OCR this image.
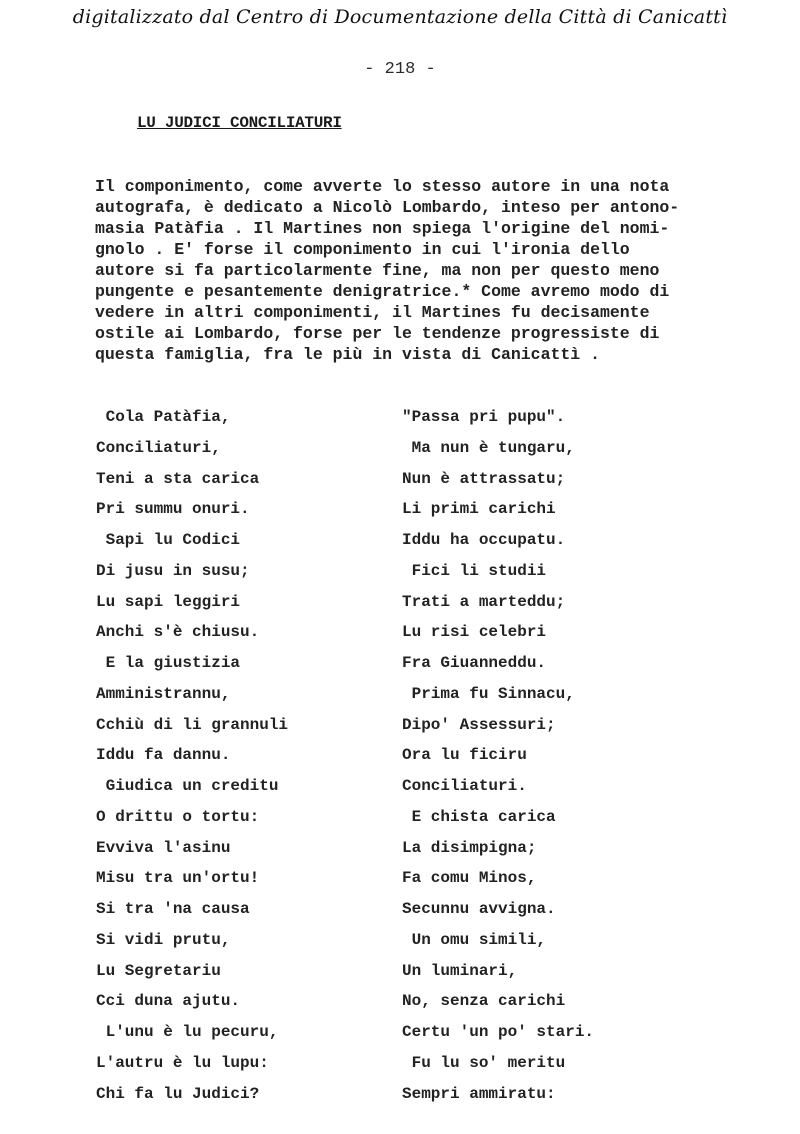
digitalizzato dal Centro di Documentazione della Città di Canicattì
- 218 -
LU JUDICI CONCILIATURI
Il componimento, come avverte lo stesso autore in una nota
autografa, è dedicato a Nicolò Lombardo, inteso per antono-
masia Patàfia . Il Martines non spiega l'origine del nomi-
gnolo . E' forse il componimento in cui l'ironia dello
autore si fa particolarmente fine, ma non per questo meno
pungente e pesantemente denigratrice.* Come avremo modo di
vedere in altri componimenti, il Martines fu decisamente
ostile ai Lombardo, forse per le tendenze progressiste di
questa famiglia, fra le più in vista di Canicattì .
Cola Patàfia,
Conciliaturi,
Teni a sta carica
Pri summu onuri.
Sapi lu Codici
Di jusu in susu;
Lu sapi leggiri
Anchi s'è chiusu.
E la giustizia
Amministrannu,
Cchiù di li grannuli
Iddu fa dannu.
Giudica un creditu
O drittu o tortu:
Evviva l'asinu
Misu tra un'ortu!
Si tra 'na causa
Si vidi prutu,
Lu Segretariu
Cci duna ajutu.
L'unu è lu pecuru,
L'autru è lu lupu:
Chi fa lu Judici?
"Passa pri pupu".
Ma nun è tungaru,
Nun è attrassatu;
Li primi carichi
Iddu ha occupatu.
Fici li studii
Trati a marteddu;
Lu risi celebri
Fra Giuanneddu.
Prima fu Sinnacu,
Dipo' Assessuri;
Ora lu ficiru
Conciliaturi.
E chista carica
La disimpigna;
Fa comu Minos,
Secunnu avvigna.
Un omu simili,
Un luminari,
No, senza carichi
Certu 'un po' stari.
Fu lu so' meritu
Sempri ammiratu:
